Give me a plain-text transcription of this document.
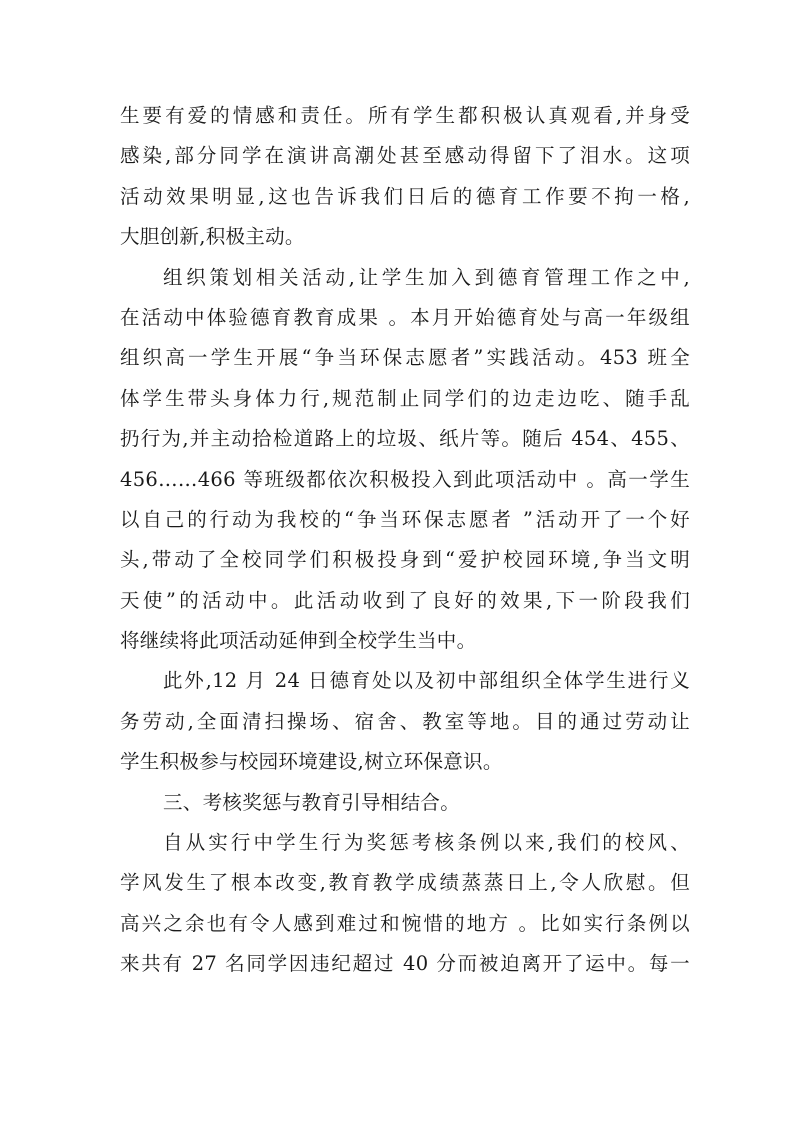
生要有爱的情感和责任。所有学生都积极认真观看,并身受
感染,部分同学在演讲高潮处甚至感动得留下了泪水。这项
活动效果明显,这也告诉我们日后的德育工作要不拘一格,
大胆创新,积极主动。
组织策划相关活动,让学生加入到德育管理工作之中,
在活动中体验德育教育成果 。本月开始德育处与高一年级组
组织高一学生开展“争当环保志愿者”实践活动。453 班全
体学生带头身体力行,规范制止同学们的边走边吃、随手乱
扔行为,并主动拾检道路上的垃圾、纸片等。随后 454、455、
456……466 等班级都依次积极投入到此项活动中 。高一学生
以自己的行动为我校的“争当环保志愿者 ”活动开了一个好
头,带动了全校同学们积极投身到“爱护校园环境,争当文明
天使”的活动中。此活动收到了良好的效果,下一阶段我们
将继续将此项活动延伸到全校学生当中。
此外,12 月 24 日德育处以及初中部组织全体学生进行义
务劳动,全面清扫操场、宿舍、教室等地。目的通过劳动让
学生积极参与校园环境建设,树立环保意识。
三、考核奖惩与教育引导相结合。
自从实行中学生行为奖惩考核条例以来,我们的校风、
学风发生了根本改变,教育教学成绩蒸蒸日上,令人欣慰。但
高兴之余也有令人感到难过和惋惜的地方 。比如实行条例以
来共有 27 名同学因违纪超过 40 分而被迫离开了运中。每一
